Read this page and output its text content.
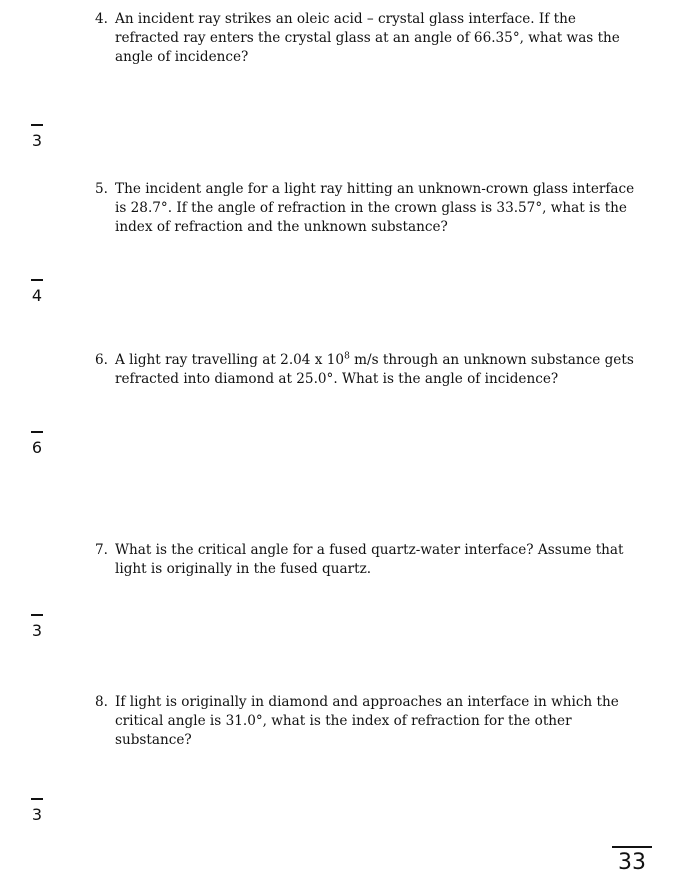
4. An incident ray strikes an oleic acid – crystal glass interface. If the refracted ray enters the crystal glass at an angle of 66.35°, what was the angle of incidence?
3
5. The incident angle for a light ray hitting an unknown-crown glass interface is 28.7°. If the angle of refraction in the crown glass is 33.57°, what is the index of refraction and the unknown substance?
4
6. A light ray travelling at 2.04 x $10^8$ m/s through an unknown substance gets refracted into diamond at 25.0°. What is the angle of incidence?
6
7. What is the critical angle for a fused quartz-water interface? Assume that light is originally in the fused quartz.
3
8. If light is originally in diamond and approaches an interface in which the critical angle is 31.0°, what is the index of refraction for the other substance?
3
33
